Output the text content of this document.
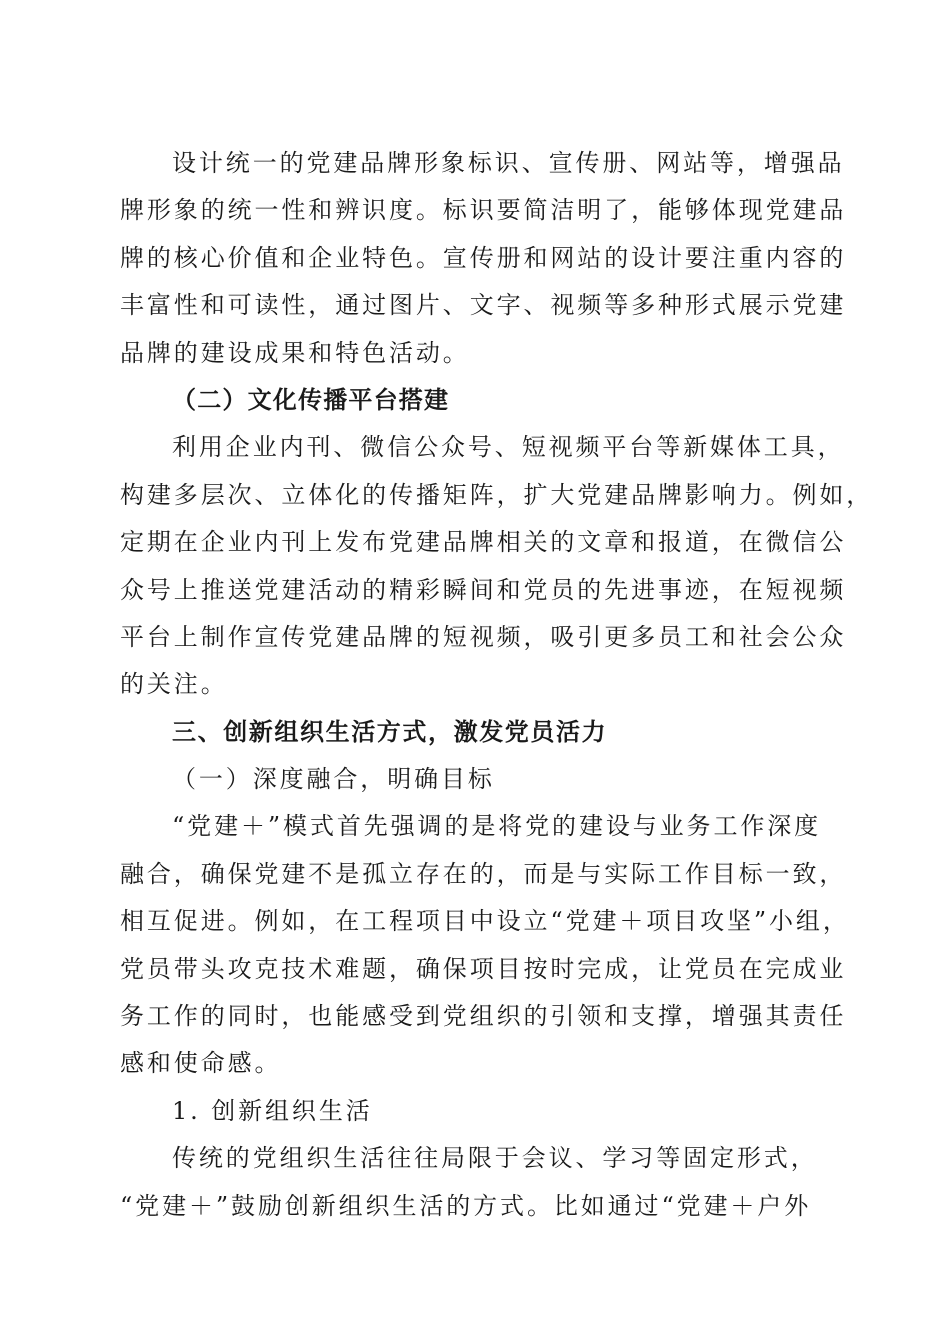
设计统一的党建品牌形象标识、宣传册、网站等，增强品
牌形象的统一性和辨识度。标识要简洁明了，能够体现党建品
牌的核心价值和企业特色。宣传册和网站的设计要注重内容的
丰富性和可读性，通过图片、文字、视频等多种形式展示党建
品牌的建设成果和特色活动。
（二）文化传播平台搭建
利用企业内刊、微信公众号、短视频平台等新媒体工具，
构建多层次、立体化的传播矩阵，扩大党建品牌影响力。例如，
定期在企业内刊上发布党建品牌相关的文章和报道，在微信公
众号上推送党建活动的精彩瞬间和党员的先进事迹，在短视频
平台上制作宣传党建品牌的短视频，吸引更多员工和社会公众
的关注。
三、创新组织生活方式，激发党员活力
（一）深度融合，明确目标
“党建＋”模式首先强调的是将党的建设与业务工作深度
融合，确保党建不是孤立存在的，而是与实际工作目标一致，
相互促进。例如，在工程项目中设立“党建＋项目攻坚”小组，
党员带头攻克技术难题，确保项目按时完成，让党员在完成业
务工作的同时，也能感受到党组织的引领和支撑，增强其责任
感和使命感。
1. 创新组织生活
传统的党组织生活往往局限于会议、学习等固定形式，
“党建＋”鼓励创新组织生活的方式。比如通过“党建＋户外
